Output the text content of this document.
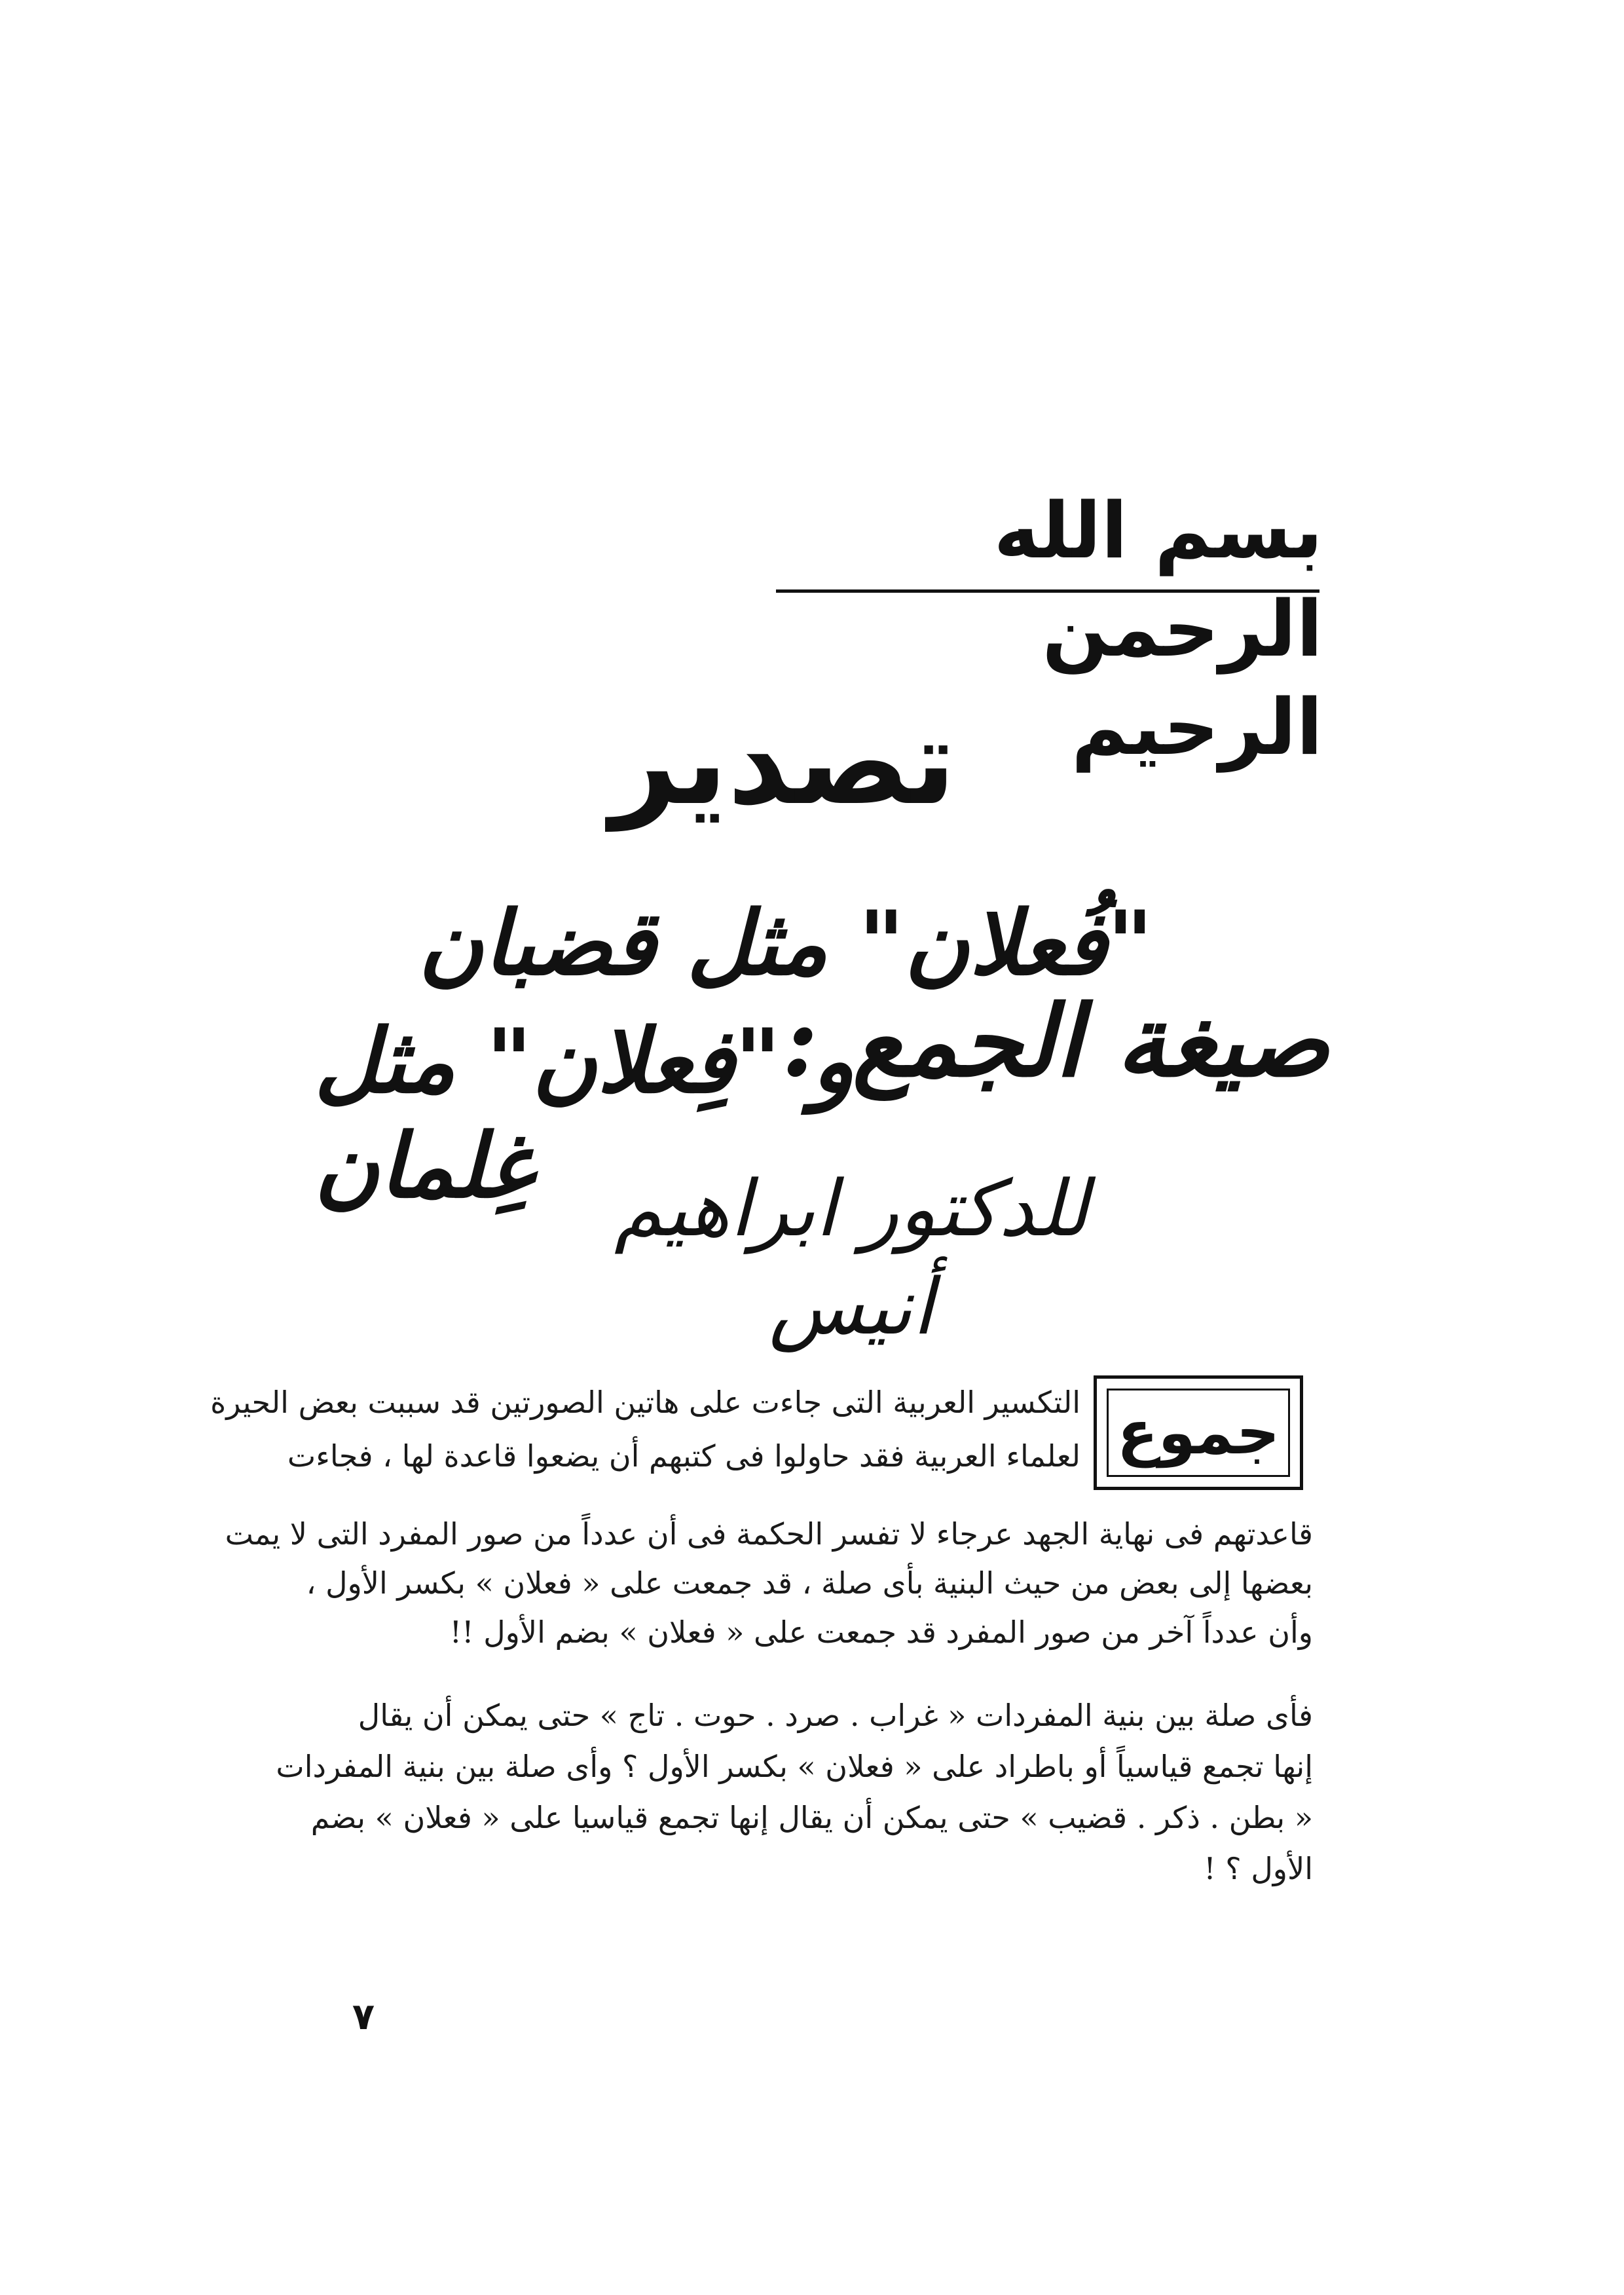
بسم الله الرحمن الرحيم
تصدير
صيغة الجمع :
"فُعلان" مثل قضبان
و "فِعلان" مثل غِلمان	للدكتور ابراهيم أنيس
جموع
التكسير العربية التى جاءت على هاتين الصورتين قد سببت بعض الحيرة
لعلماء العربية فقد حاولوا فى كتبهم أن يضعوا قاعدة لها ، فجاءت
قاعدتهم فى نهاية الجهد عرجاء لا تفسر الحكمة فى أن عدداً من صور المفرد التى لا يمت
بعضها إلى بعض من حيث البنية بأى صلة ، قد جمعت على « فعلان » بكسر الأول ،
وأن عدداً آخر من صور المفرد قد جمعت على « فعلان » بضم الأول !!
فأى صلة بين بنية المفردات « غراب . صرد . حوت . تاج » حتى يمكن أن يقال
إنها تجمع قياسياً أو باطراد على « فعلان » بكسر الأول ؟ وأى صلة بين بنية المفردات
« بطن . ذكر . قضيب » حتى يمكن أن يقال إنها تجمع قياسيا على « فعلان » بضم
الأول ؟ !
٧
